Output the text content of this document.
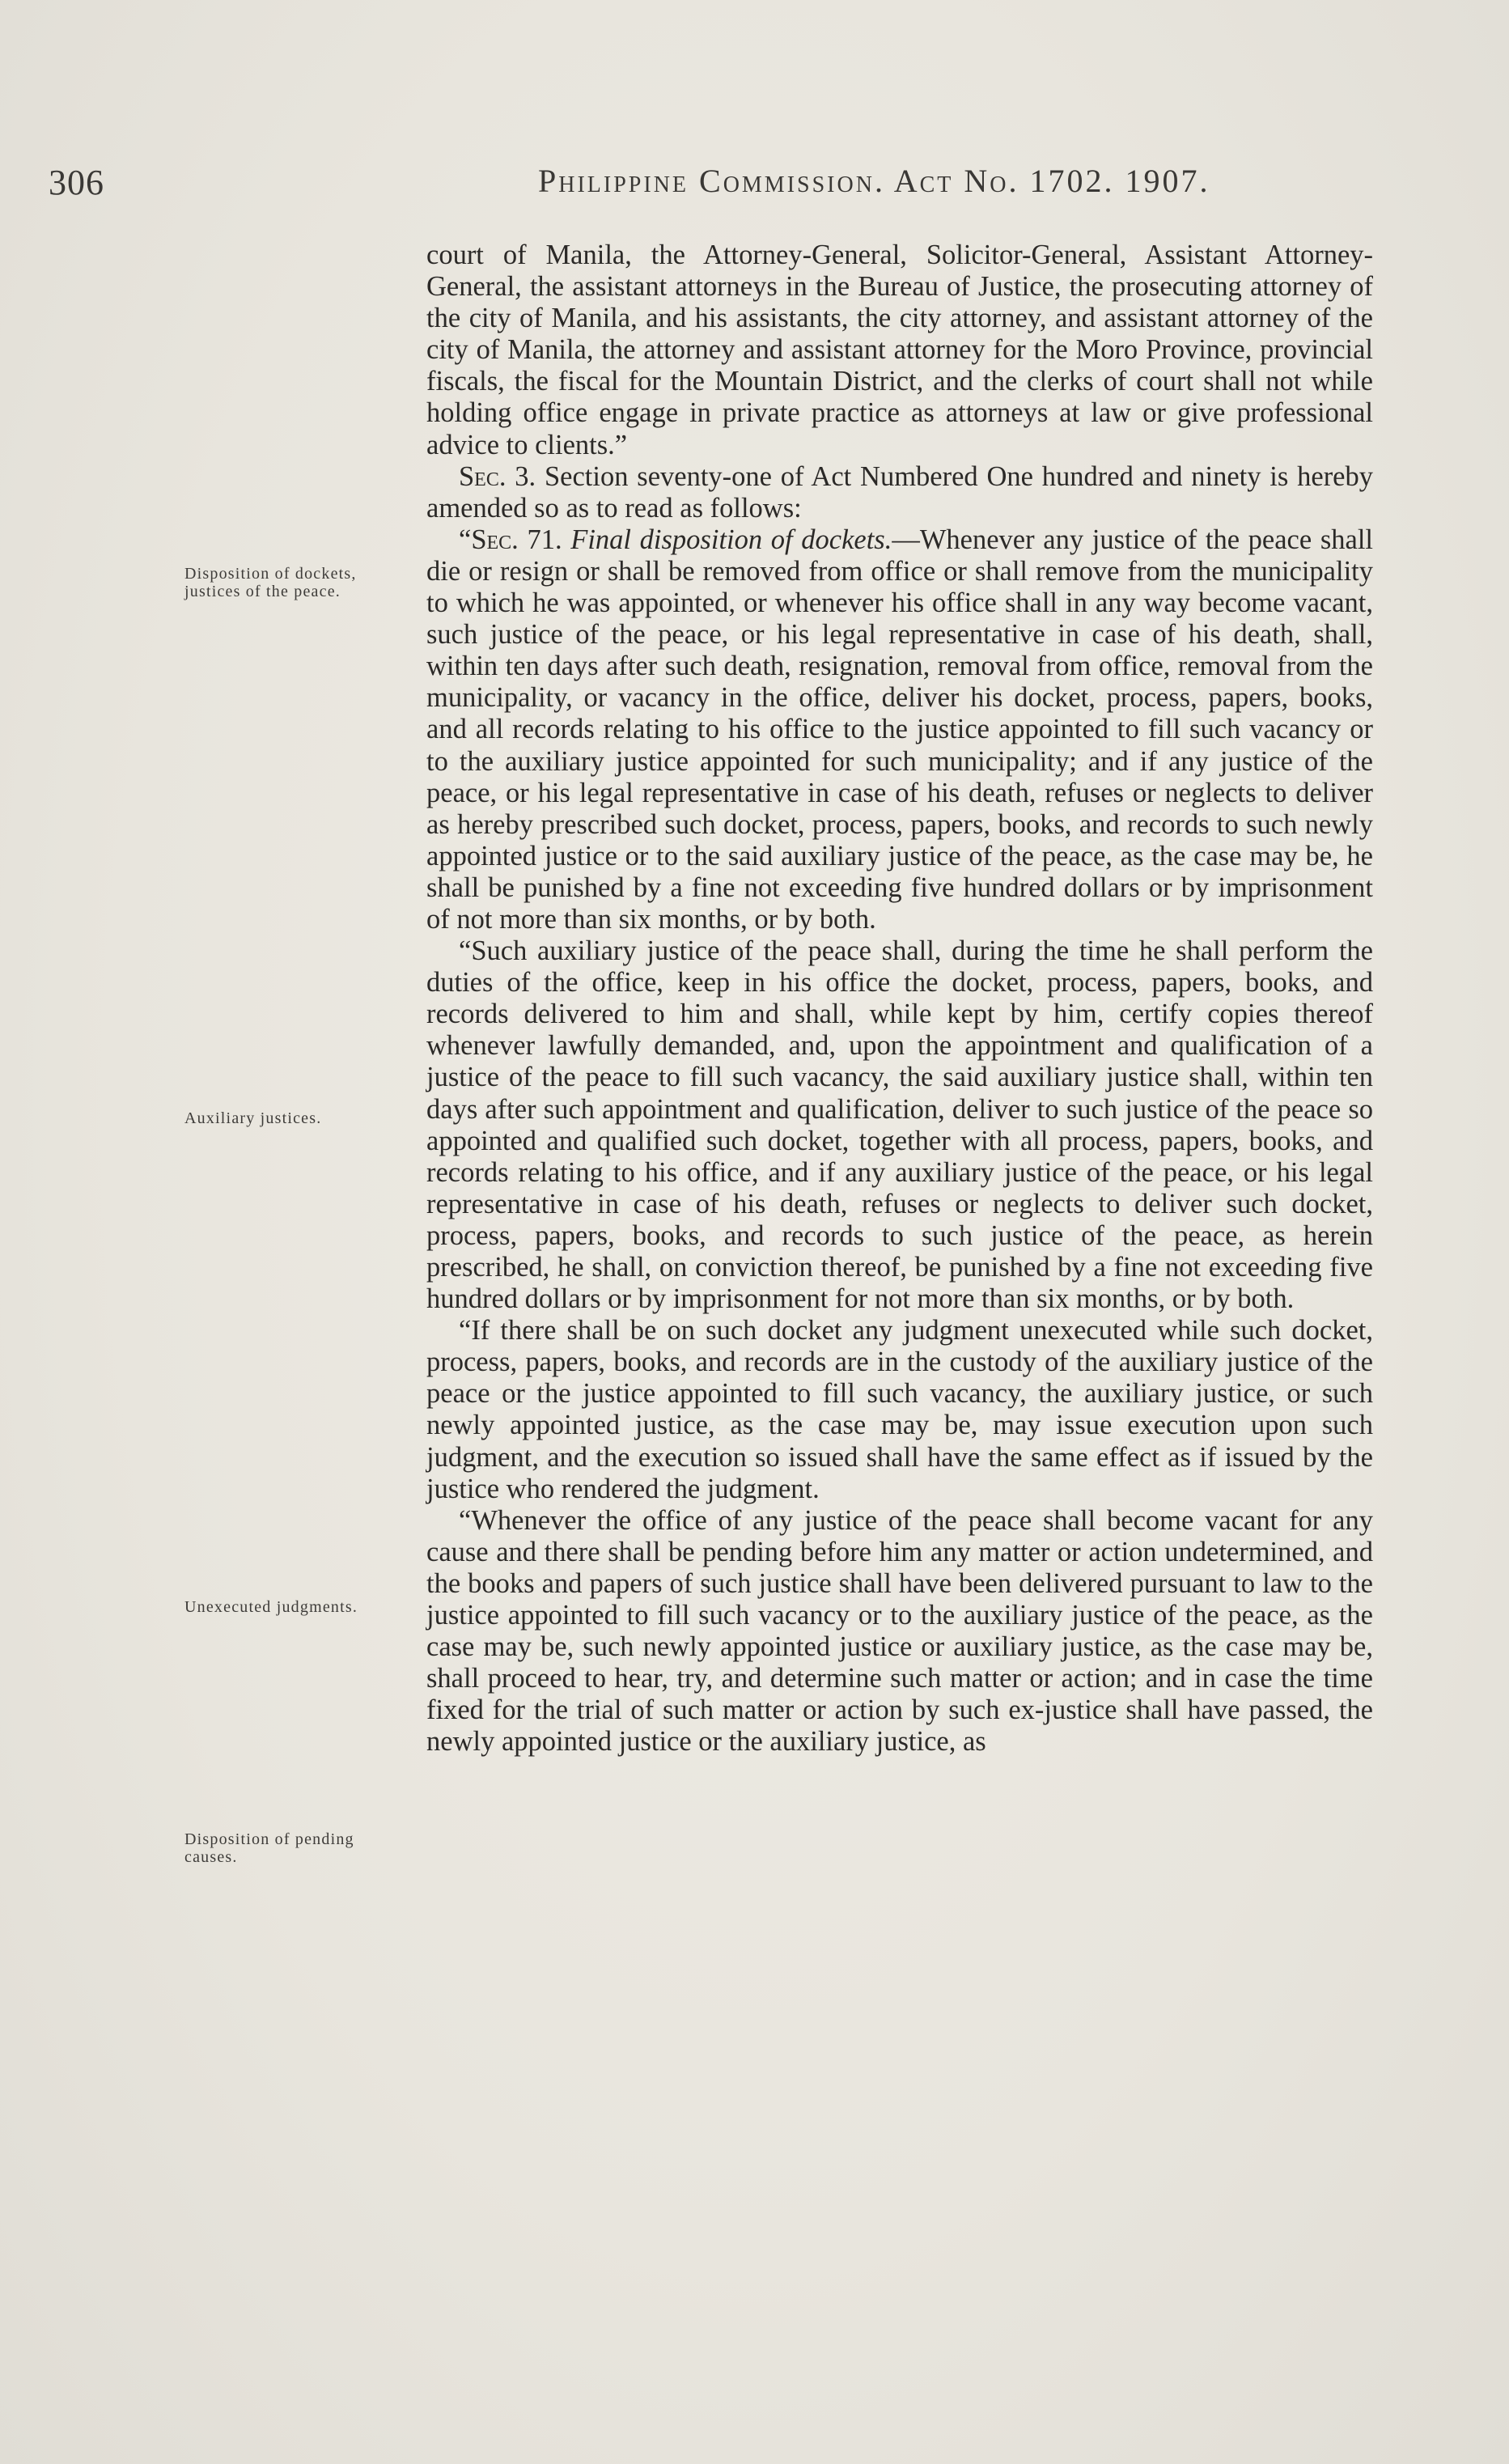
306	Philippine Commission. Act No. 1702. 1907.
Disposition of dockets, justices of the peace.
Auxiliary justices.
Unexecuted judgments.
Disposition of pending causes.

court of Manila, the Attorney-General, Solicitor-General, Assistant Attorney-General, the assistant attorneys in the Bureau of Justice, the prosecuting attorney of the city of Manila, and his assistants, the city attorney, and assistant attorney of the city of Manila, the attorney and assistant attorney for the Moro Province, provincial fiscals, the fiscal for the Mountain District, and the clerks of court shall not while holding office engage in private practice as attorneys at law or give professional advice to clients.”

Sec. 3. Section seventy-one of Act Numbered One hundred and ninety is hereby amended so as to read as follows:

“Sec. 71. Final disposition of dockets.—Whenever any justice of the peace shall die or resign or shall be removed from office or shall remove from the municipality to which he was appointed, or whenever his office shall in any way become vacant, such justice of the peace, or his legal representative in case of his death, shall, within ten days after such death, resignation, removal from office, removal from the municipality, or vacancy in the office, deliver his docket, process, papers, books, and all records relating to his office to the justice appointed to fill such vacancy or to the auxiliary justice appointed for such municipality; and if any justice of the peace, or his legal representative in case of his death, refuses or neglects to deliver as hereby prescribed such docket, process, papers, books, and records to such newly appointed justice or to the said auxiliary justice of the peace, as the case may be, he shall be punished by a fine not exceeding five hundred dollars or by imprisonment of not more than six months, or by both.

“Such auxiliary justice of the peace shall, during the time he shall perform the duties of the office, keep in his office the docket, process, papers, books, and records delivered to him and shall, while kept by him, certify copies thereof whenever lawfully demanded, and, upon the appointment and qualification of a justice of the peace to fill such vacancy, the said auxiliary justice shall, within ten days after such appointment and qualification, deliver to such justice of the peace so appointed and qualified such docket, together with all process, papers, books, and records relating to his office, and if any auxiliary justice of the peace, or his legal representative in case of his death, refuses or neglects to deliver such docket, process, papers, books, and records to such justice of the peace, as herein prescribed, he shall, on conviction thereof, be punished by a fine not exceeding five hundred dollars or by imprisonment for not more than six months, or by both.

“If there shall be on such docket any judgment unexecuted while such docket, process, papers, books, and records are in the custody of the auxiliary justice of the peace or the justice appointed to fill such vacancy, the auxiliary justice, or such newly appointed justice, as the case may be, may issue execution upon such judgment, and the execution so issued shall have the same effect as if issued by the justice who rendered the judgment.

“Whenever the office of any justice of the peace shall become vacant for any cause and there shall be pending before him any matter or action undetermined, and the books and papers of such justice shall have been delivered pursuant to law to the justice appointed to fill such vacancy or to the auxiliary justice of the peace, as the case may be, such newly appointed justice or auxiliary justice, as the case may be, shall proceed to hear, try, and determine such matter or action; and in case the time fixed for the trial of such matter or action by such ex-justice shall have passed, the newly appointed justice or the auxiliary justice, as
